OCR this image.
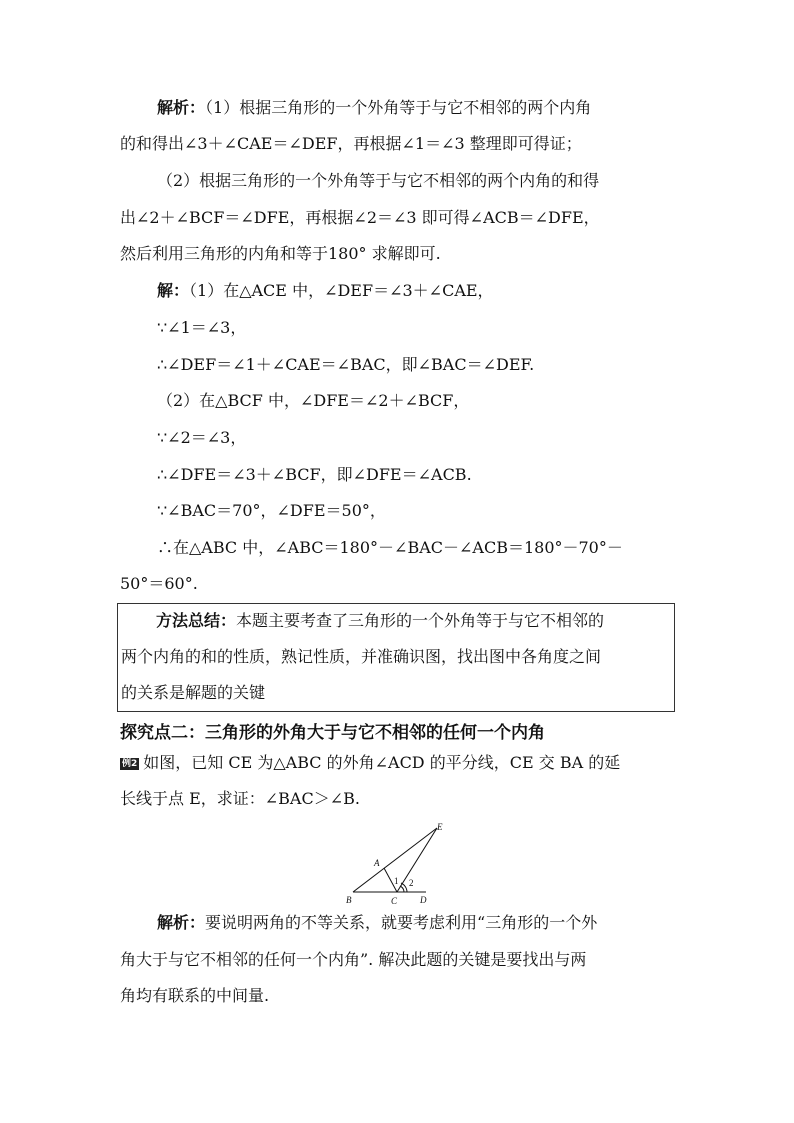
解析：（1）根据三角形的一个外角等于与它不相邻的两个内角
的和得出∠3＋∠CAE＝∠DEF，再根据∠1＝∠3 整理即可得证；
（2）根据三角形的一个外角等于与它不相邻的两个内角的和得
出∠2＋∠BCF＝∠DFE，再根据∠2＝∠3 即可得∠ACB＝∠DFE，
然后利用三角形的内角和等于180° 求解即可.
解：（1）在△ACE 中，∠DEF＝∠3＋∠CAE，
∵∠1＝∠3，
∴∠DEF＝∠1＋∠CAE＝∠BAC，即∠BAC＝∠DEF.
（2）在△BCF 中，∠DFE＝∠2＋∠BCF，
∵∠2＝∠3，
∴∠DFE＝∠3＋∠BCF，即∠DFE＝∠ACB.
∵∠BAC＝70°，∠DFE＝50°，
∴在△ABC 中，∠ABC＝180°－∠BAC－∠ACB＝180°－70°－
50°＝60°.
方法总结：本题主要考查了三角形的一个外角等于与它不相邻的
两个内角的和的性质，熟记性质，并准确识图，找出图中各角度之间
的关系是解题的关键
探究点二：三角形的外角大于与它不相邻的任何一个内角
例2 如图，已知 CE 为△ABC 的外角∠ACD 的平分线，CE 交 BA 的延
长线于点 E，求证：∠BAC＞∠B.
A
B	C	D
E
1 2
解析：要说明两角的不等关系，就要考虑利用“三角形的一个外
角大于与它不相邻的任何一个内角”. 解决此题的关键是要找出与两
角均有联系的中间量.
